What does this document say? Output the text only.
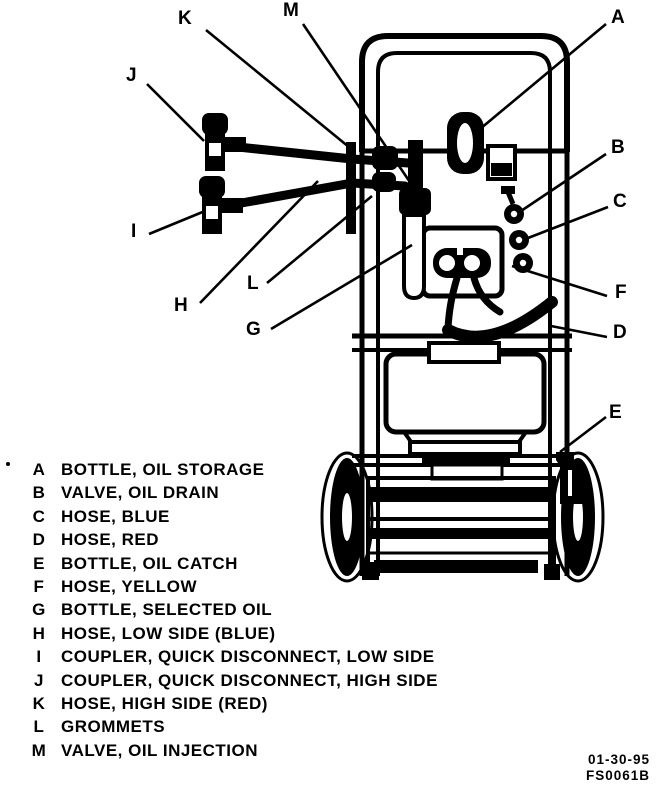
A
B
C
D
E
F
G
H
I
J
K
L
M
A BOTTLE, OIL STORAGE
B VALVE, OIL DRAIN
C HOSE, BLUE
D HOSE, RED
E BOTTLE, OIL CATCH
F HOSE, YELLOW
G BOTTLE, SELECTED OIL
H HOSE, LOW SIDE (BLUE)
I COUPLER, QUICK DISCONNECT, LOW SIDE
J COUPLER, QUICK DISCONNECT, HIGH SIDE
K HOSE, HIGH SIDE (RED)
L GROMMETS
M VALVE, OIL INJECTION	01-30-95
FS0061B
